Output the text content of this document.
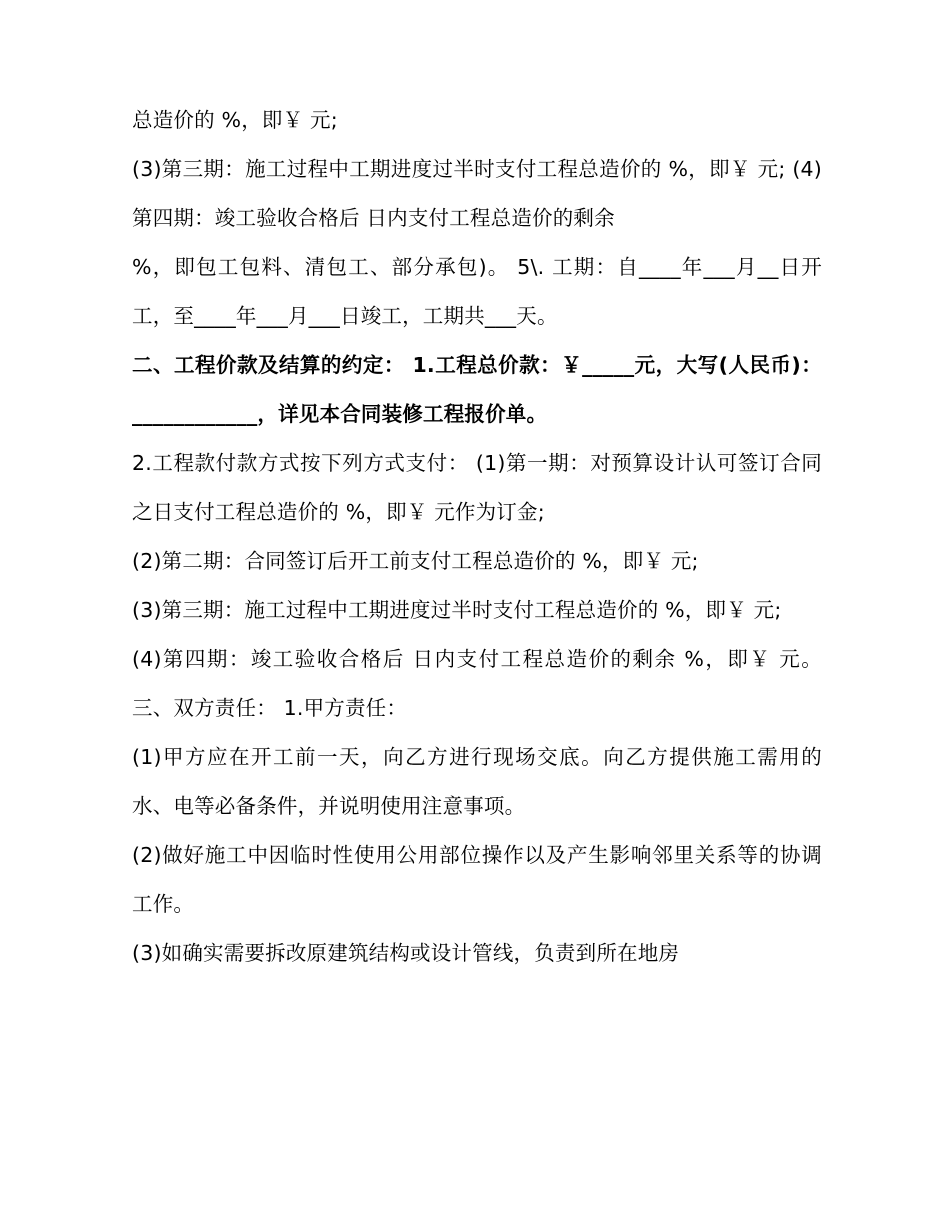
总造价的 %，即￥ 元;

(3)第三期：施工过程中工期进度过半时支付工程总造价的 %，即￥ 元; (4)第四期：竣工验收合格后 日内支付工程总造价的剩余

%，即包工包料、清包工、部分承包)。 5\. 工期：自____年___月__日开工，至____年___月___日竣工，工期共___天。

二、工程价款及结算的约定： 1.工程总价款：￥_____元，大写(人民币)：____________，详见本合同装修工程报价单。

2.工程款付款方式按下列方式支付： (1)第一期：对预算设计认可签订合同之日支付工程总造价的 %，即￥ 元作为订金;

(2)第二期：合同签订后开工前支付工程总造价的 %，即￥ 元;

(3)第三期：施工过程中工期进度过半时支付工程总造价的 %，即￥ 元;

(4)第四期：竣工验收合格后 日内支付工程总造价的剩余 %，即￥ 元。 三、双方责任： 1.甲方责任：

(1)甲方应在开工前一天，向乙方进行现场交底。向乙方提供施工需用的水、电等必备条件，并说明使用注意事项。

(2)做好施工中因临时性使用公用部位操作以及产生影响邻里关系等的协调工作。

(3)如确实需要拆改原建筑结构或设计管线，负责到所在地房
